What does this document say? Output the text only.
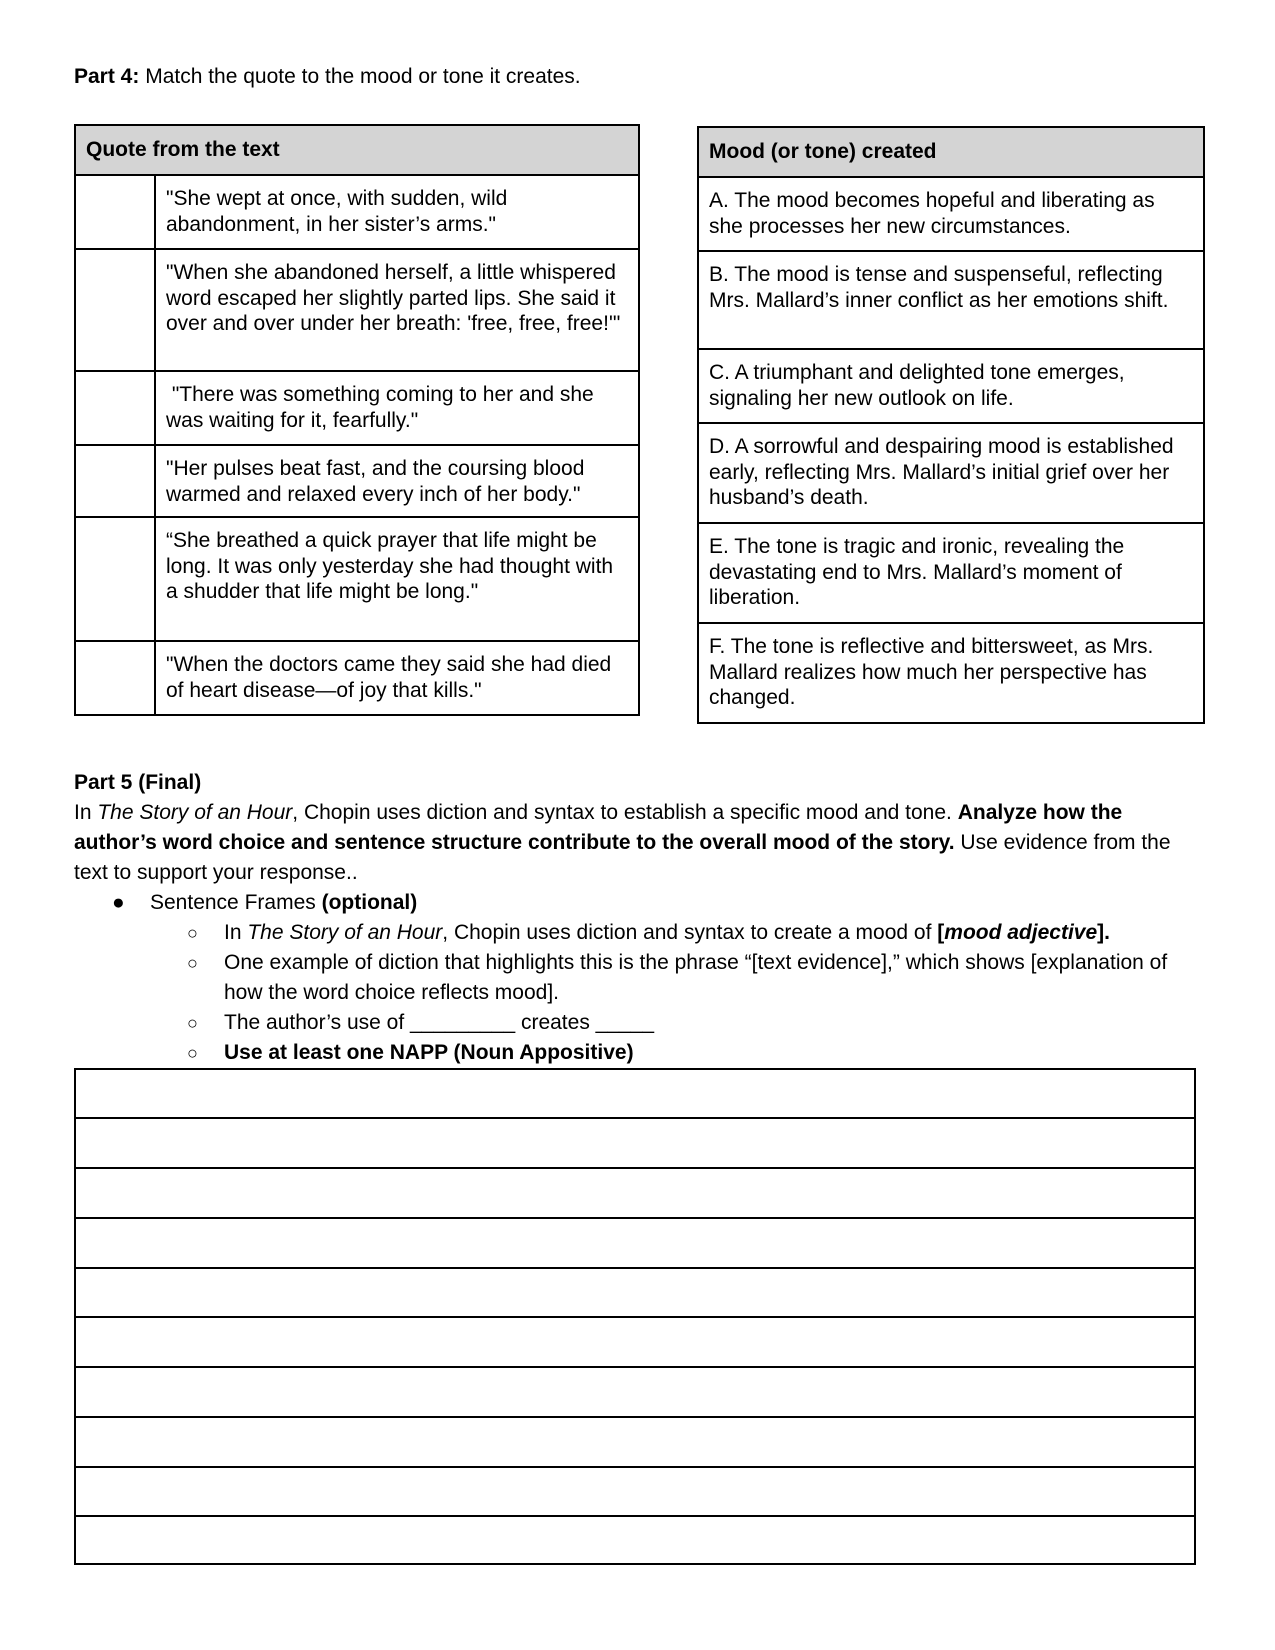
Part 4: Match the quote to the mood or tone it creates.
Quote from the text	
	"She wept at once, with sudden, wild abandonment, in her sister’s arms."
	"When she abandoned herself, a little whispered word escaped her slightly parted lips. She said it over and over under her breath: 'free, free, free!'"
	"There was something coming to her and she was waiting for it, fearfully."
	"Her pulses beat fast, and the coursing blood warmed and relaxed every inch of her body."
	“She breathed a quick prayer that life might be long. It was only yesterday she had thought with a shudder that life might be long."
	"When the doctors came they said she had died of heart disease—of joy that kills."
Mood (or tone) created
A. The mood becomes hopeful and liberating as she processes her new circumstances.
B. The mood is tense and suspenseful, reflecting Mrs. Mallard’s inner conflict as her emotions shift.
C. A triumphant and delighted tone emerges, signaling her new outlook on life.
D. A sorrowful and despairing mood is established early, reflecting Mrs. Mallard’s initial grief over her husband’s death.
E. The tone is tragic and ironic, revealing the devastating end to Mrs. Mallard’s moment of liberation.
F. The tone is reflective and bittersweet, as Mrs. Mallard realizes how much her perspective has changed.
Part 5 (Final)
In The Story of an Hour, Chopin uses diction and syntax to establish a specific mood and tone. Analyze how the author’s word choice and sentence structure contribute to the overall mood of the story. Use evidence from the text to support your response..
● Sentence Frames (optional)
○ In The Story of an Hour, Chopin uses diction and syntax to create a mood of [mood adjective].
○ One example of diction that highlights this is the phrase “[text evidence],” which shows [explanation of how the word choice reflects mood].
○ The author’s use of _________ creates _____
○ Use at least one NAPP (Noun Appositive)
